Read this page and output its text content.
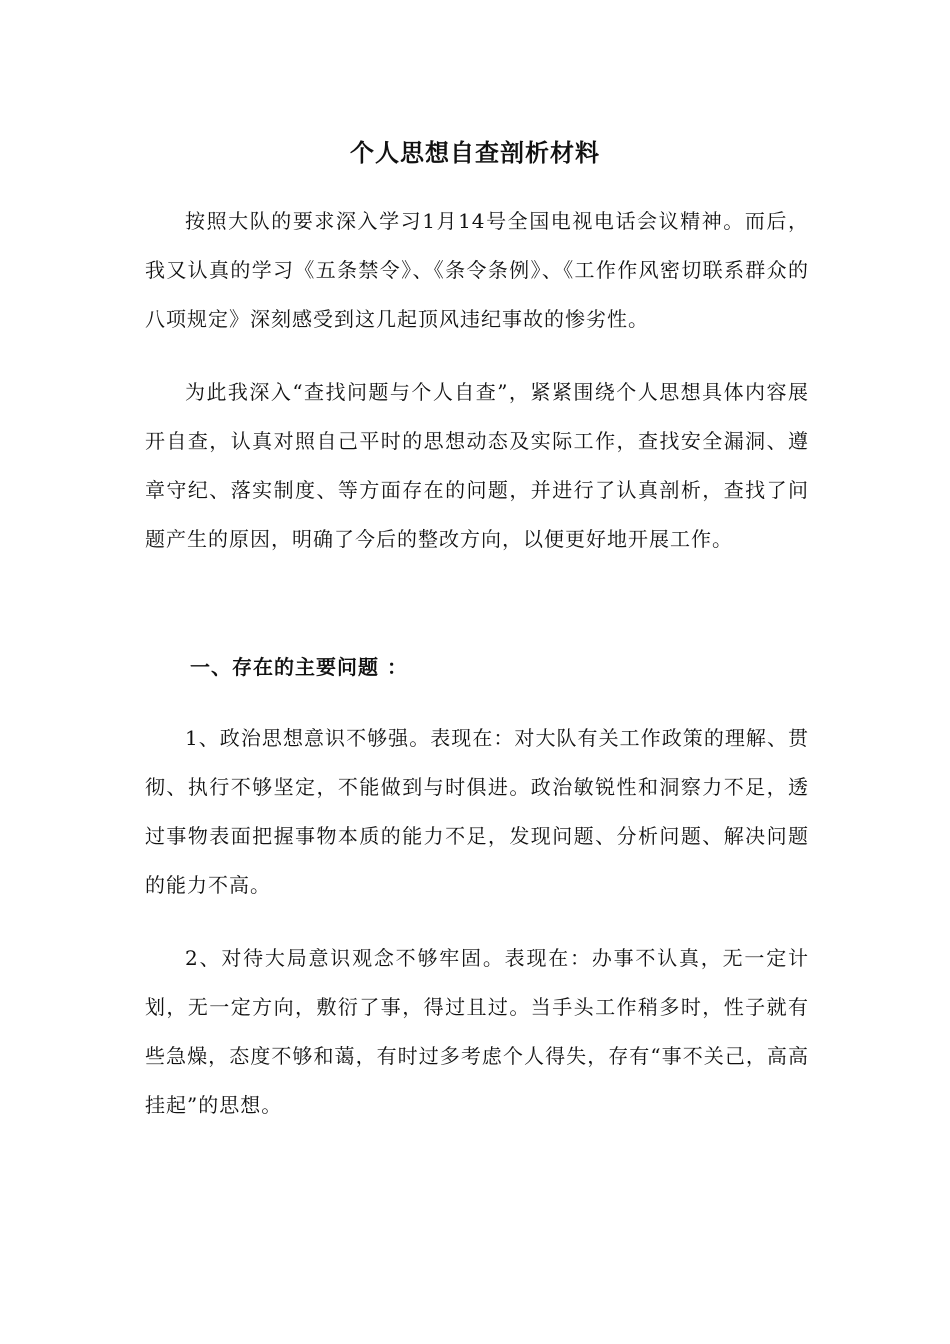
个人思想自查剖析材料

按照大队的要求深入学习1月14号全国电视电话会议精神。而后，我又认真的学习《五条禁令》、《条令条例》、《工作作风密切联系群众的八项规定》深刻感受到这几起顶风违纪事故的惨劣性。

为此我深入“查找问题与个人自查”，紧紧围绕个人思想具体内容展开自查，认真对照自己平时的思想动态及实际工作，查找安全漏洞、遵章守纪、落实制度、等方面存在的问题，并进行了认真剖析，查找了问题产生的原因，明确了今后的整改方向，以便更好地开展工作。

一、存在的主要问题 ：

1、政治思想意识不够强。表现在：对大队有关工作政策的理解、贯彻、执行不够坚定，不能做到与时俱进。政治敏锐性和洞察力不足，透过事物表面把握事物本质的能力不足，发现问题、分析问题、解决问题的能力不高。

2、对待大局意识观念不够牢固。表现在：办事不认真，无一定计划，无一定方向，敷衍了事，得过且过。当手头工作稍多时，性子就有些急燥，态度不够和蔼，有时过多考虑个人得失，存有“事不关己，高高挂起”的思想。
